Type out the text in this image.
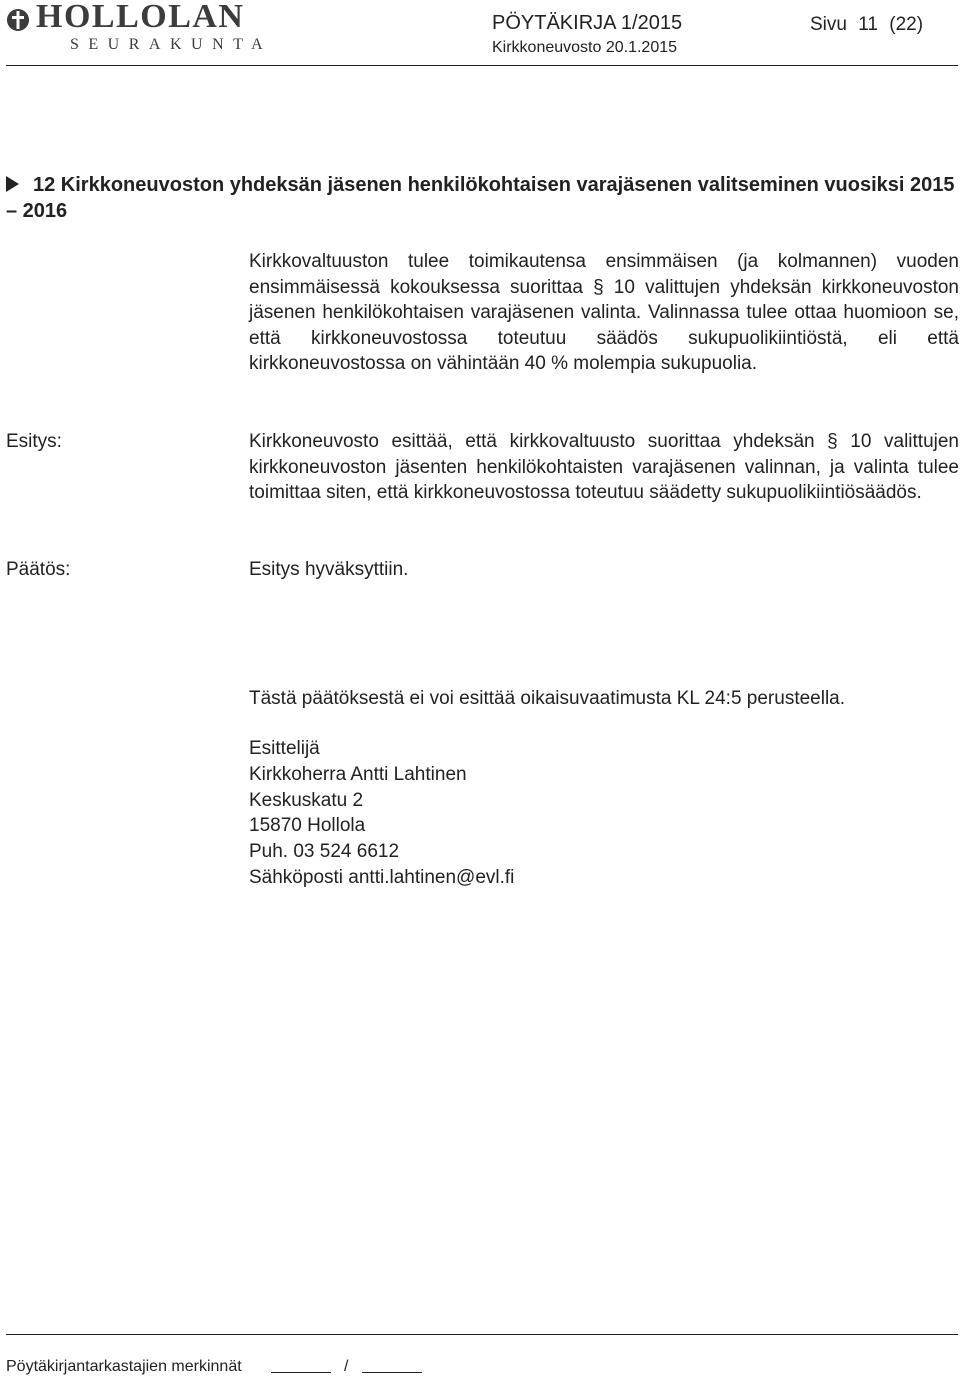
HOLLOLAN
SEURAKUNTA
PÖYTÄKIRJA 1/2015
Kirkkoneuvosto 20.1.2015
Sivu 11 (22)
12 Kirkkoneuvoston yhdeksän jäsenen henkilökohtaisen varajäsenen valitseminen vuosiksi 2015 – 2016
Kirkkovaltuuston tulee toimikautensa ensimmäisen (ja kolmannen) vuoden ensimmäisessä kokouksessa suorittaa § 10 valittujen yhdeksän kirkkoneuvoston jäsenen henkilökohtaisen varajäsenen valinta. Valinnassa tulee ottaa huomioon se, että kirkkoneuvostossa toteutuu säädös sukupuolikiintiöstä, eli että kirkkoneuvostossa on vähintään 40 % molempia sukupuolia.
Esitys:	Kirkkoneuvosto esittää, että kirkkovaltuusto suorittaa yhdeksän § 10 valittujen kirkkoneuvoston jäsenten henkilökohtaisten varajäsenen valinnan, ja valinta tulee toimittaa siten, että kirkkoneuvostossa toteutuu säädetty sukupuolikiintiösäädös.
Päätös:	Esitys hyväksyttiin.
Tästä päätöksestä ei voi esittää oikaisuvaatimusta KL 24:5 perusteella.
Esittelijä
Kirkkoherra Antti Lahtinen
Keskuskatu 2
15870 Hollola
Puh. 03 524 6612
Sähköposti antti.lahtinen@evl.fi
Pöytäkirjantarkastajien merkinnät	/
